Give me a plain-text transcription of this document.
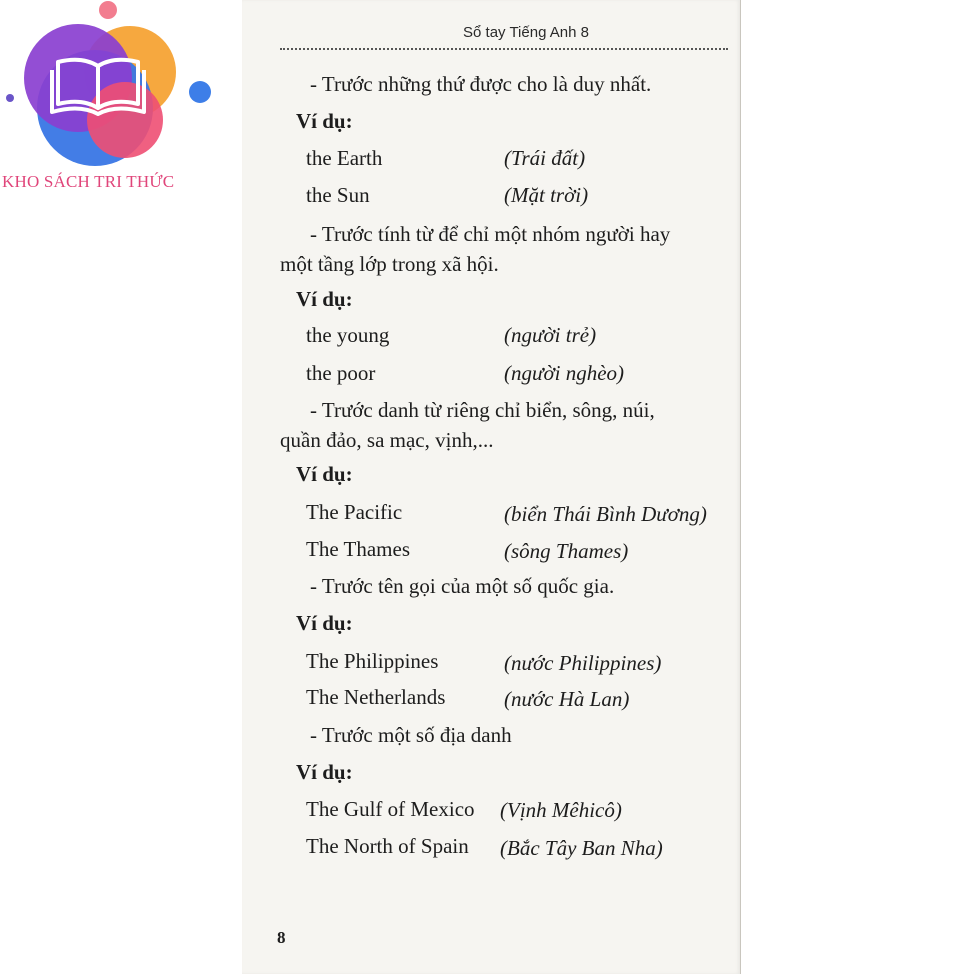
KHO SÁCH TRI THỨC
Sổ tay Tiếng Anh 8
- Trước những thứ được cho là duy nhất.
Ví dụ:
the Earth	(Trái đất)
the Sun	(Mặt trời)
- Trước tính từ để chỉ một nhóm người hay
một tầng lớp trong xã hội.
Ví dụ:
the young	(người trẻ)
the poor	(người nghèo)
- Trước danh từ riêng chỉ biển, sông, núi,
quần đảo, sa mạc, vịnh,...
Ví dụ:
The Pacific	(biển Thái Bình Dương)
The Thames	(sông Thames)
- Trước tên gọi của một số quốc gia.
Ví dụ:
The Philippines	(nước Philippines)
The Netherlands	(nước Hà Lan)
- Trước một số địa danh
Ví dụ:
The Gulf of Mexico (Vịnh Mêhicô)
The North of Spain (Bắc Tây Ban Nha)
8
